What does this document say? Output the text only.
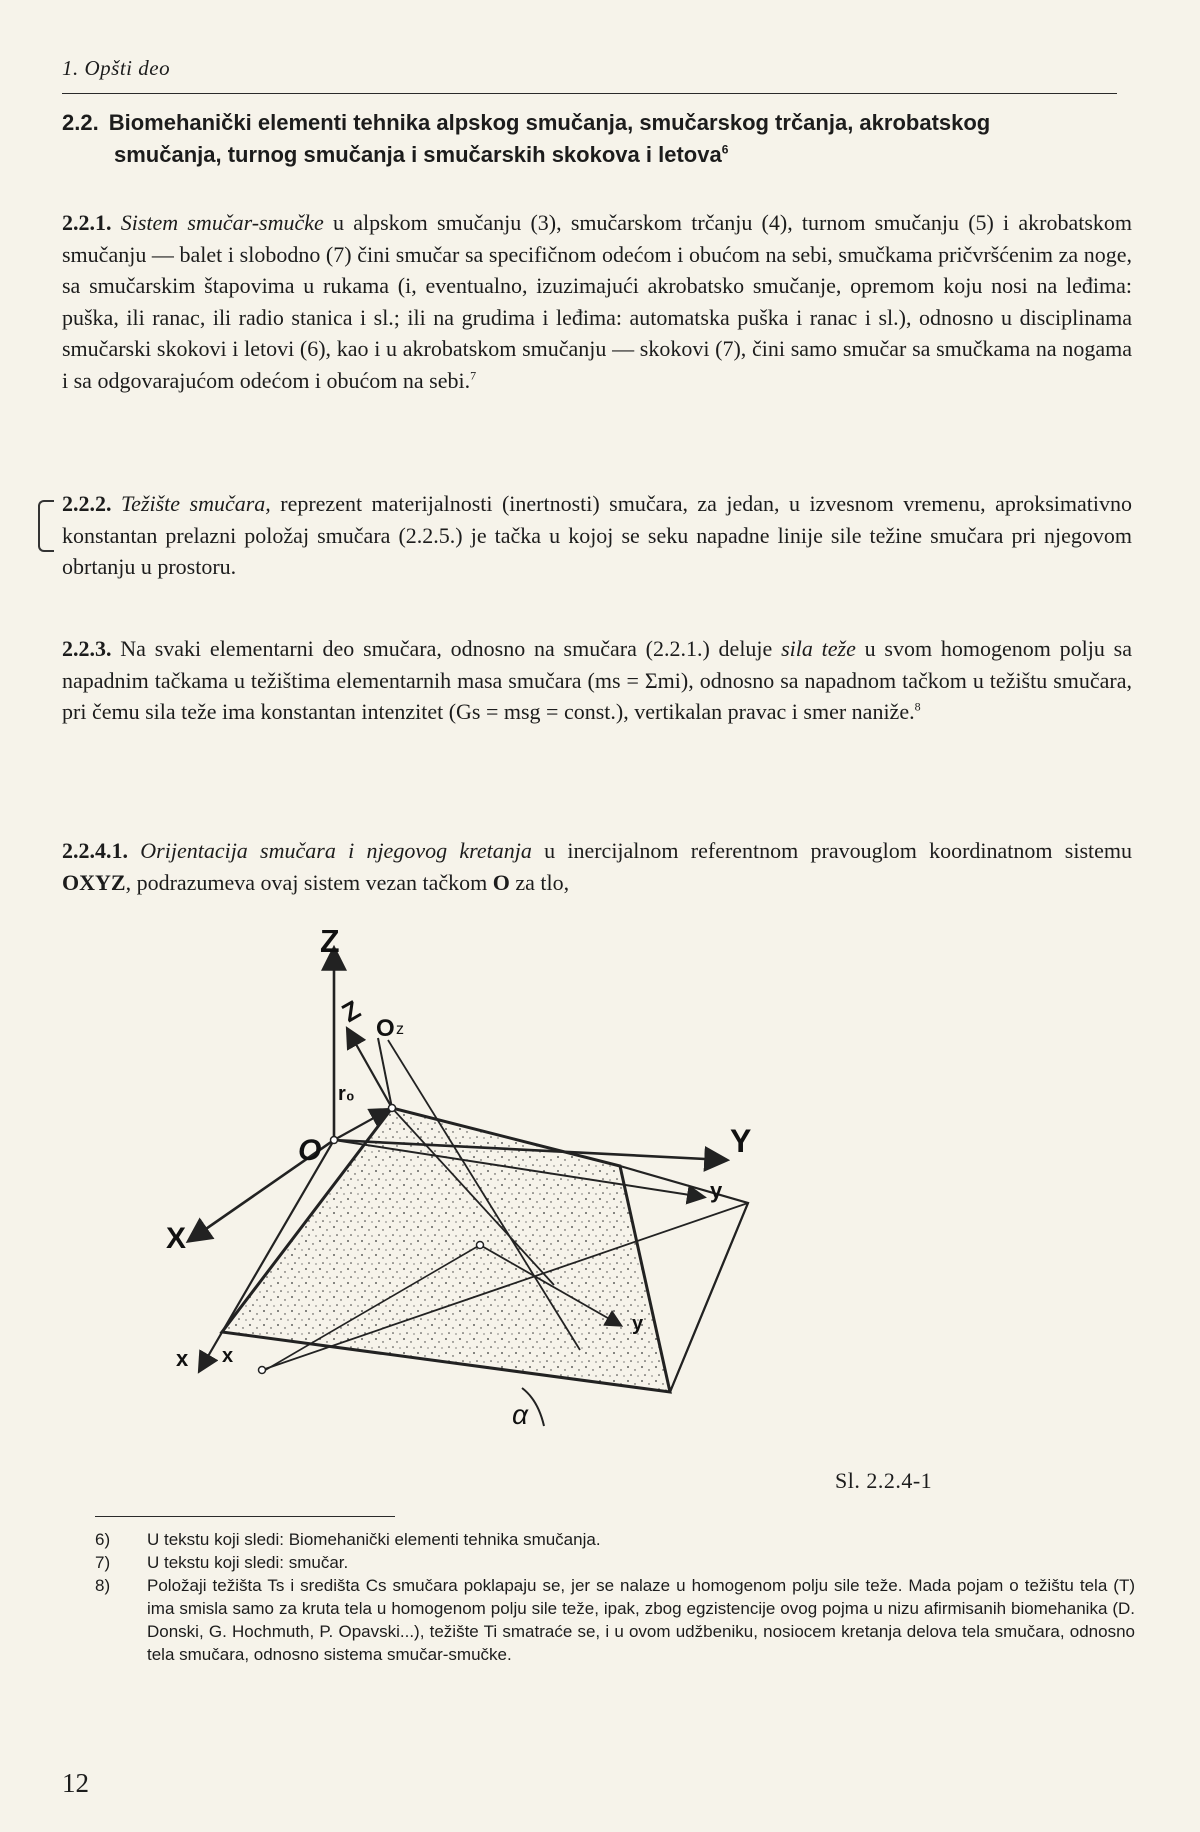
1. Opšti deo
2.2. Biomehanički elementi tehnika alpskog smučanja, smučarskog trčanja, akrobatskog
smučanja, turnog smučanja i smučarskih skokova i letova$^6$
2.2.1. Sistem smučar-smučke u alpskom smučanju (3), smučarskom trčanju (4), turnom smučanju (5) i akrobatskom smučanju — balet i slobodno (7) čini smučar sa specifičnom odećom i obućom na sebi, smučkama pričvršćenim za noge, sa smučarskim štapovima u rukama (i, eventualno, izuzimajući akrobatsko smučanje, opremom koju nosi na leđima: puška, ili ranac, ili radio stanica i sl.; ili na grudima i leđima: automatska puška i ranac i sl.), odnosno u disciplinama smučarski skokovi i letovi (6), kao i u akrobatskom smučanju — skokovi (7), čini samo smučar sa smučkama na nogama i sa odgovarajućom odećom i obućom na sebi.$^7$
2.2.2. Težište smučara, reprezent materijalnosti (inertnosti) smučara, za jedan, u izvesnom vremenu, aproksimativno konstantan prelazni položaj smučara (2.2.5.) je tačka u kojoj se seku napadne linije sile težine smučara pri njegovom obrtanju u prostoru.
2.2.3. Na svaki elementarni deo smučara, odnosno na smučara (2.2.1.) deluje sila teže u svom homogenom polju sa napadnim tačkama u težištima elementarnih masa smučara (ms = Σmi), odnosno sa napadnom tačkom u težištu smučara, pri čemu sila teže ima konstantan intenzitet (Gs = msg = const.), vertikalan pravac i smer naniže.$^8$
2.2.4.1. Orijentacija smučara i njegovog kretanja u inercijalnom referentnom pravouglom koordinatnom sistemu OXYZ, podrazumeva ovaj sistem vezan tačkom O za tlo,
Z
Z
z
O
r₀
O	Y
y
y
X
x x
α
Sl. 2.2.4-1
6)	U tekstu koji sledi: Biomehanički elementi tehnika smučanja.
7)	U tekstu koji sledi: smučar.
8)	Položaji težišta Ts i središta Cs smučara poklapaju se, jer se nalaze u homogenom polju sile teže. Mada pojam o težištu tela (T) ima smisla samo za kruta tela u homogenom polju sile teže, ipak, zbog egzistencije ovog pojma u nizu afirmisanih biomehanika (D. Donski, G. Hochmuth, P. Opavski...), težište Ti smatraće se, i u ovom udžbeniku, nosiocem kretanja delova tela smučara, odnosno tela smučara, odnosno sistema smučar-smučke.
12
